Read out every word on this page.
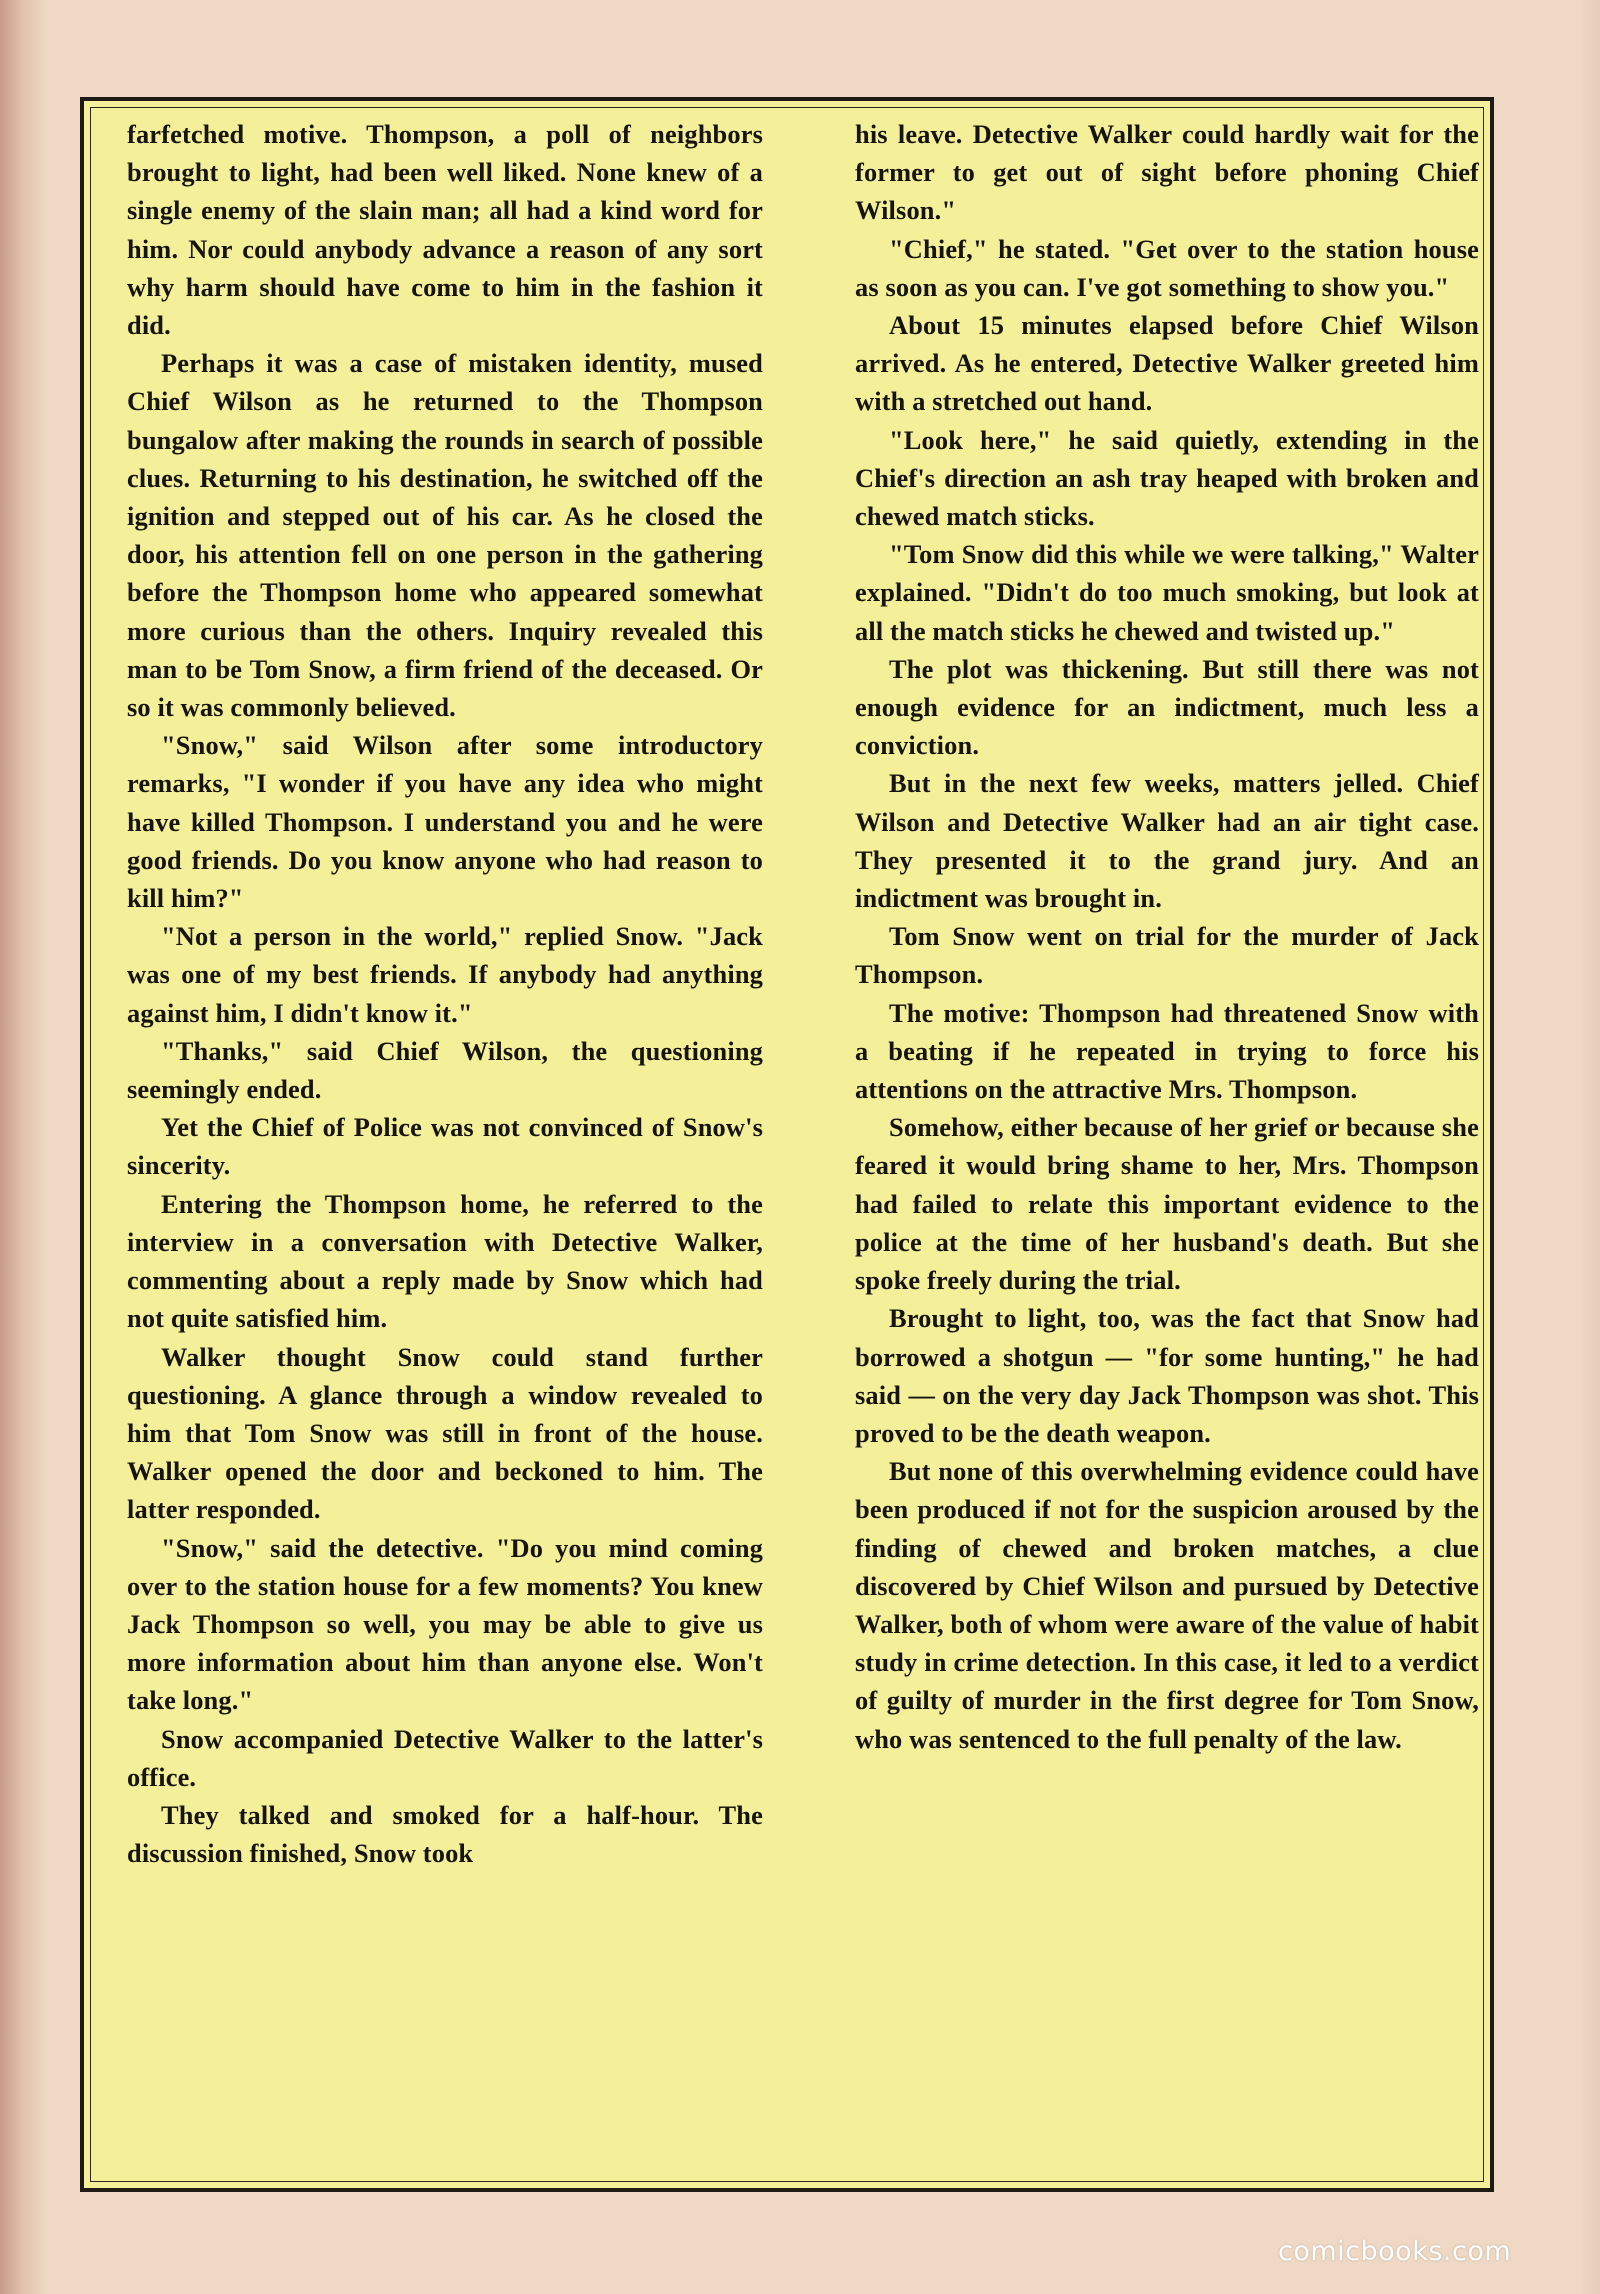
farfetched motive. Thompson, a poll of neighbors brought to light, had been well liked. None knew of a single enemy of the slain man; all had a kind word for him. Nor could anybody advance a reason of any sort why harm should have come to him in the fashion it did.

Perhaps it was a case of mistaken identity, mused Chief Wilson as he returned to the Thompson bungalow after making the rounds in search of possible clues. Returning to his destination, he switched off the ignition and stepped out of his car. As he closed the door, his attention fell on one person in the gathering before the Thompson home who appeared somewhat more curious than the others. Inquiry revealed this man to be Tom Snow, a firm friend of the deceased. Or so it was commonly believed.

"Snow," said Wilson after some introductory remarks, "I wonder if you have any idea who might have killed Thompson. I understand you and he were good friends. Do you know anyone who had reason to kill him?"

"Not a person in the world," replied Snow. "Jack was one of my best friends. If anybody had anything against him, I didn't know it."

"Thanks," said Chief Wilson, the questioning seemingly ended.

Yet the Chief of Police was not convinced of Snow's sincerity.

Entering the Thompson home, he referred to the interview in a conversation with Detective Walker, commenting about a reply made by Snow which had not quite satisfied him.

Walker thought Snow could stand further questioning. A glance through a window revealed to him that Tom Snow was still in front of the house. Walker opened the door and beckoned to him. The latter responded.

"Snow," said the detective. "Do you mind coming over to the station house for a few moments? You knew Jack Thompson so well, you may be able to give us more information about him than anyone else. Won't take long."

Snow accompanied Detective Walker to the latter's office.

They talked and smoked for a half-hour. The discussion finished, Snow took

his leave. Detective Walker could hardly wait for the former to get out of sight before phoning Chief Wilson."

"Chief," he stated. "Get over to the station house as soon as you can. I've got something to show you."

About 15 minutes elapsed before Chief Wilson arrived. As he entered, Detective Walker greeted him with a stretched out hand.

"Look here," he said quietly, extending in the Chief's direction an ash tray heaped with broken and chewed match sticks.

"Tom Snow did this while we were talking," Walter explained. "Didn't do too much smoking, but look at all the match sticks he chewed and twisted up."

The plot was thickening. But still there was not enough evidence for an indictment, much less a conviction.

But in the next few weeks, matters jelled. Chief Wilson and Detective Walker had an air tight case. They presented it to the grand jury. And an indictment was brought in.

Tom Snow went on trial for the murder of Jack Thompson.

The motive: Thompson had threatened Snow with a beating if he repeated in trying to force his attentions on the attractive Mrs. Thompson.

Somehow, either because of her grief or because she feared it would bring shame to her, Mrs. Thompson had failed to relate this important evidence to the police at the time of her husband's death. But she spoke freely during the trial.

Brought to light, too, was the fact that Snow had borrowed a shotgun — "for some hunting," he had said — on the very day Jack Thompson was shot. This proved to be the death weapon.

But none of this overwhelming evidence could have been produced if not for the suspicion aroused by the finding of chewed and broken matches, a clue discovered by Chief Wilson and pursued by Detective Walker, both of whom were aware of the value of habit study in crime detection. In this case, it led to a verdict of guilty of murder in the first degree for Tom Snow, who was sentenced to the full penalty of the law.

comicbooks.com
